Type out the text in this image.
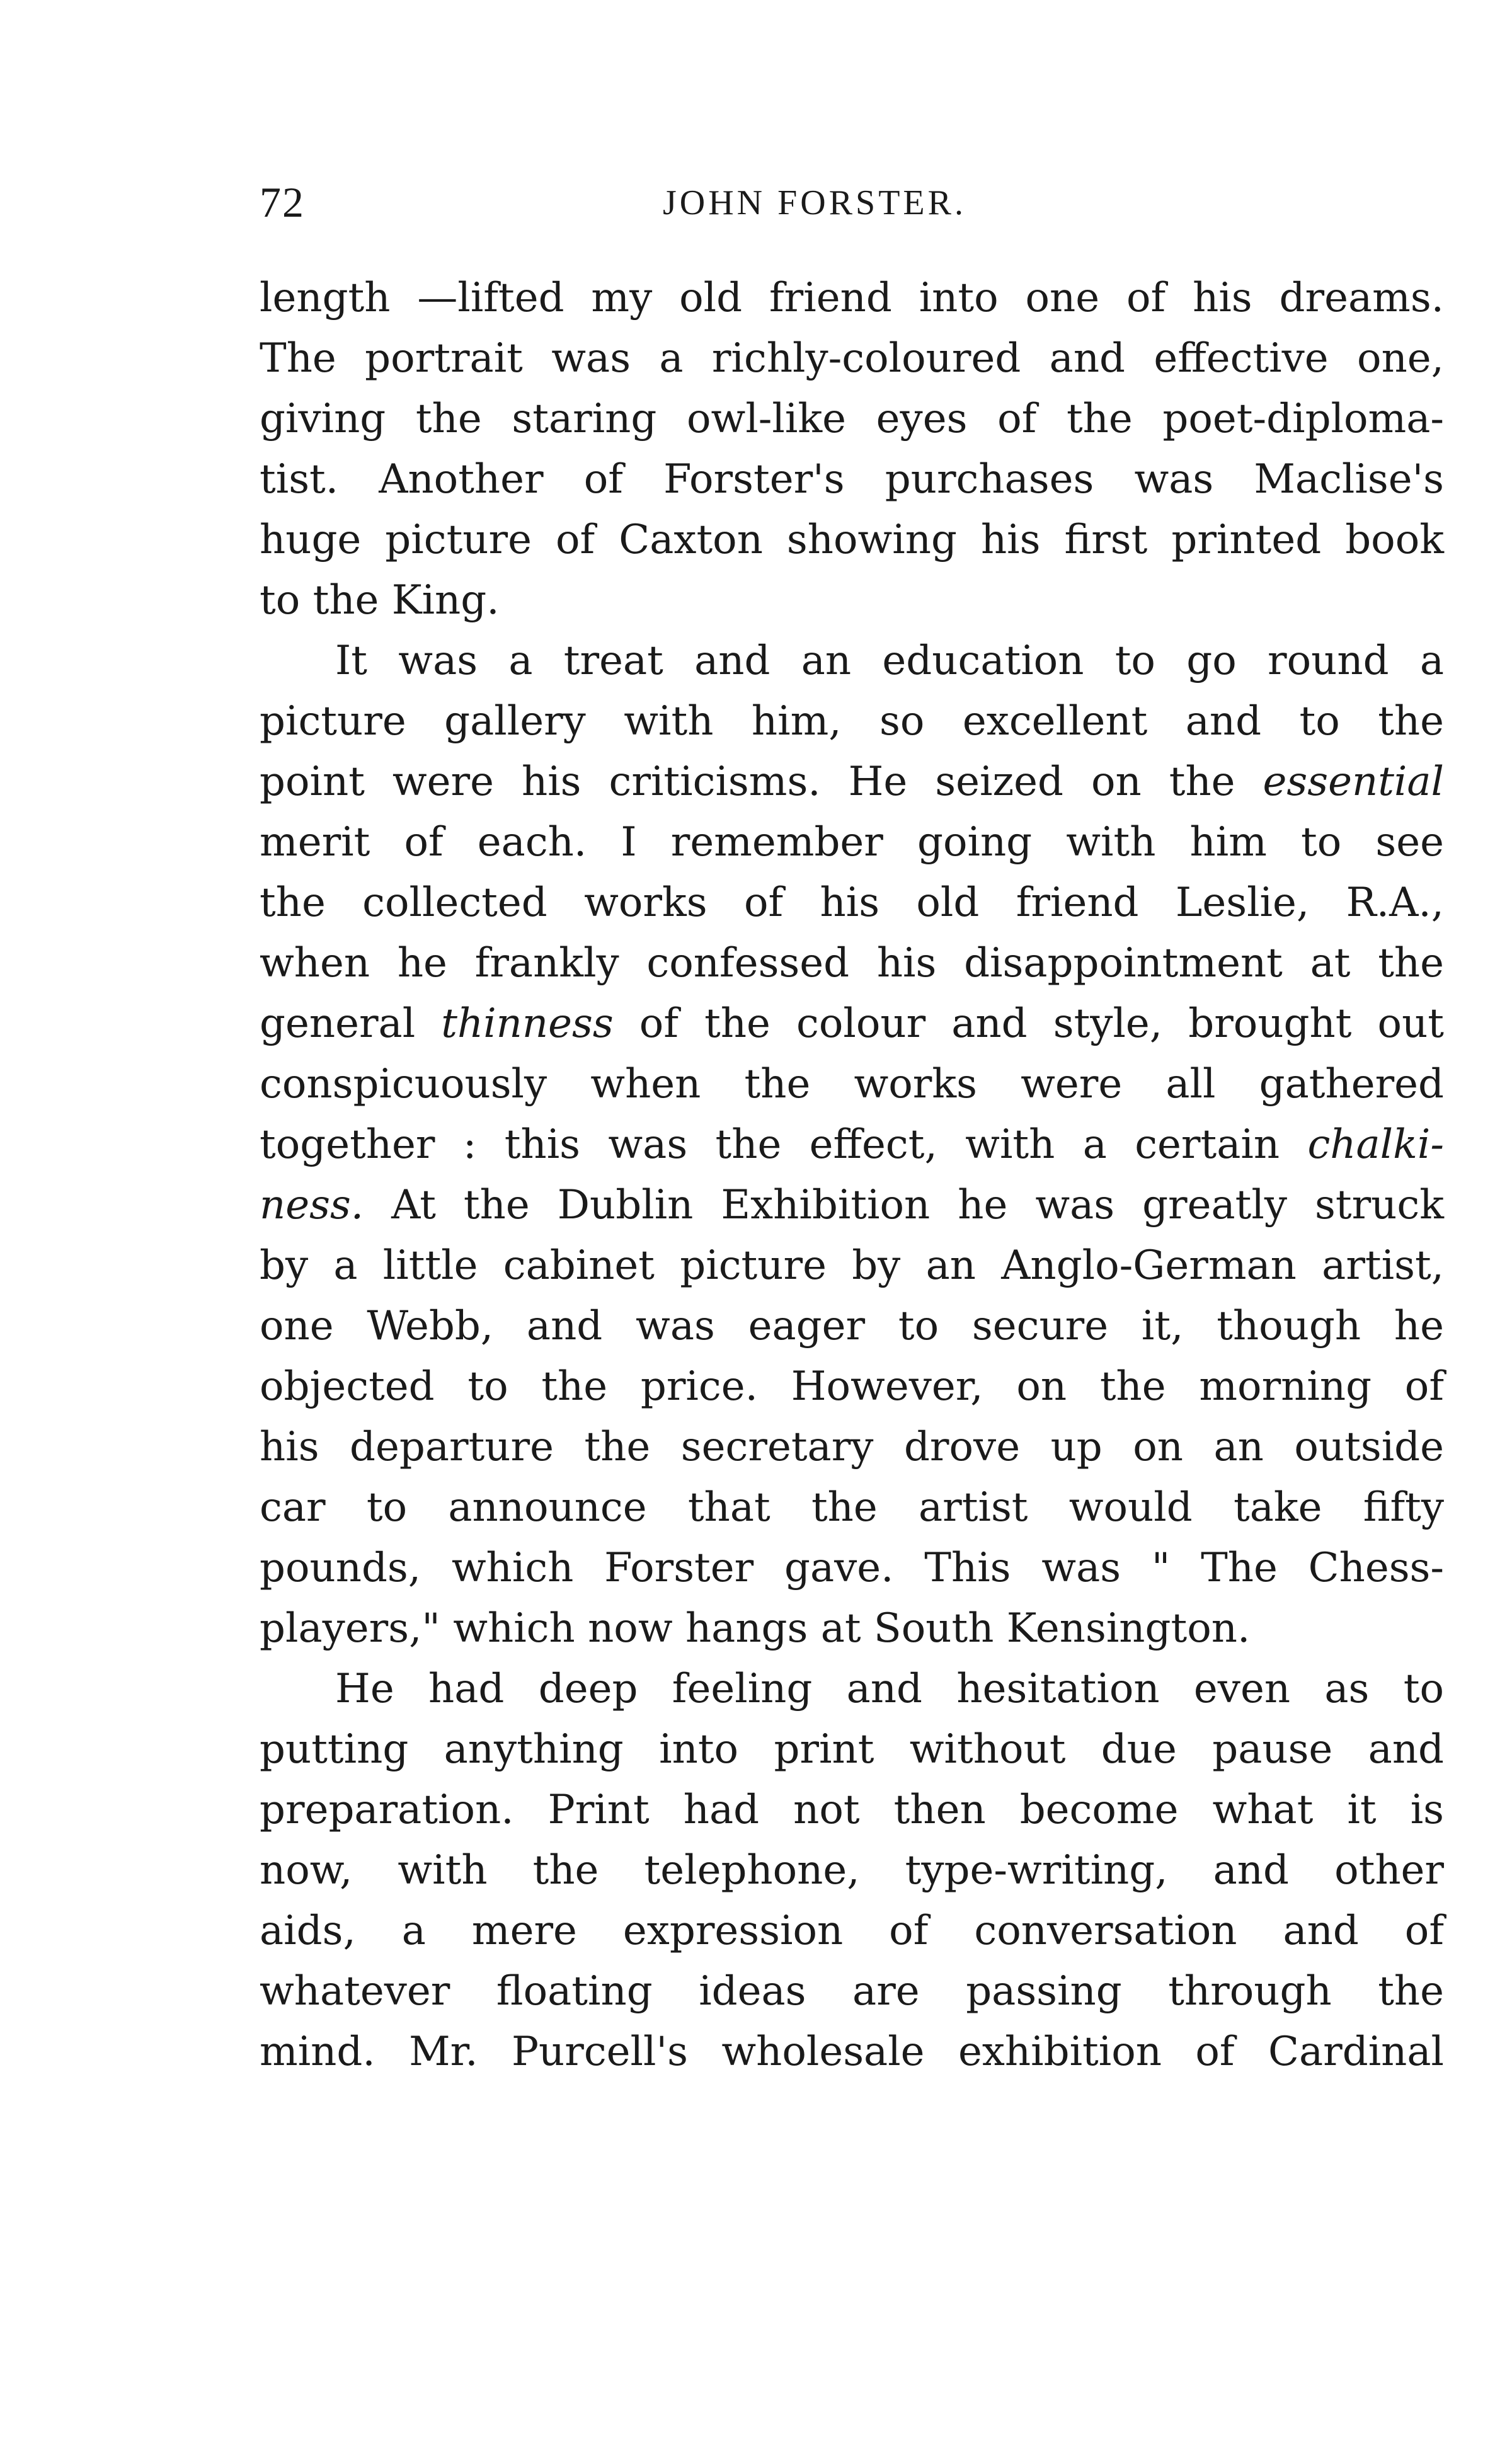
72	JOHN FORSTER.
length —lifted my old friend into one of his dreams.
The portrait was a richly-coloured and effective one,
giving the staring owl-like eyes of the poet-diploma-
tist. Another of Forster's purchases was Maclise's
huge picture of Caxton showing his first printed book
to the King.
It was a treat and an education to go round a
picture gallery with him, so excellent and to the
point were his criticisms. He seized on the essential
merit of each. I remember going with him to see
the collected works of his old friend Leslie, R.A.,
when he frankly confessed his disappointment at the
general thinness of the colour and style, brought out
conspicuously when the works were all gathered
together : this was the effect, with a certain chalki-
ness. At the Dublin Exhibition he was greatly struck
by a little cabinet picture by an Anglo-German artist,
one Webb, and was eager to secure it, though he
objected to the price. However, on the morning of
his departure the secretary drove up on an outside
car to announce that the artist would take fifty
pounds, which Forster gave. This was " The Chess-
players," which now hangs at South Kensington.
He had deep feeling and hesitation even as to
putting anything into print without due pause and
preparation. Print had not then become what it is
now, with the telephone, type-writing, and other
aids, a mere expression of conversation and of
whatever floating ideas are passing through the
mind. Mr. Purcell's wholesale exhibition of Cardinal
